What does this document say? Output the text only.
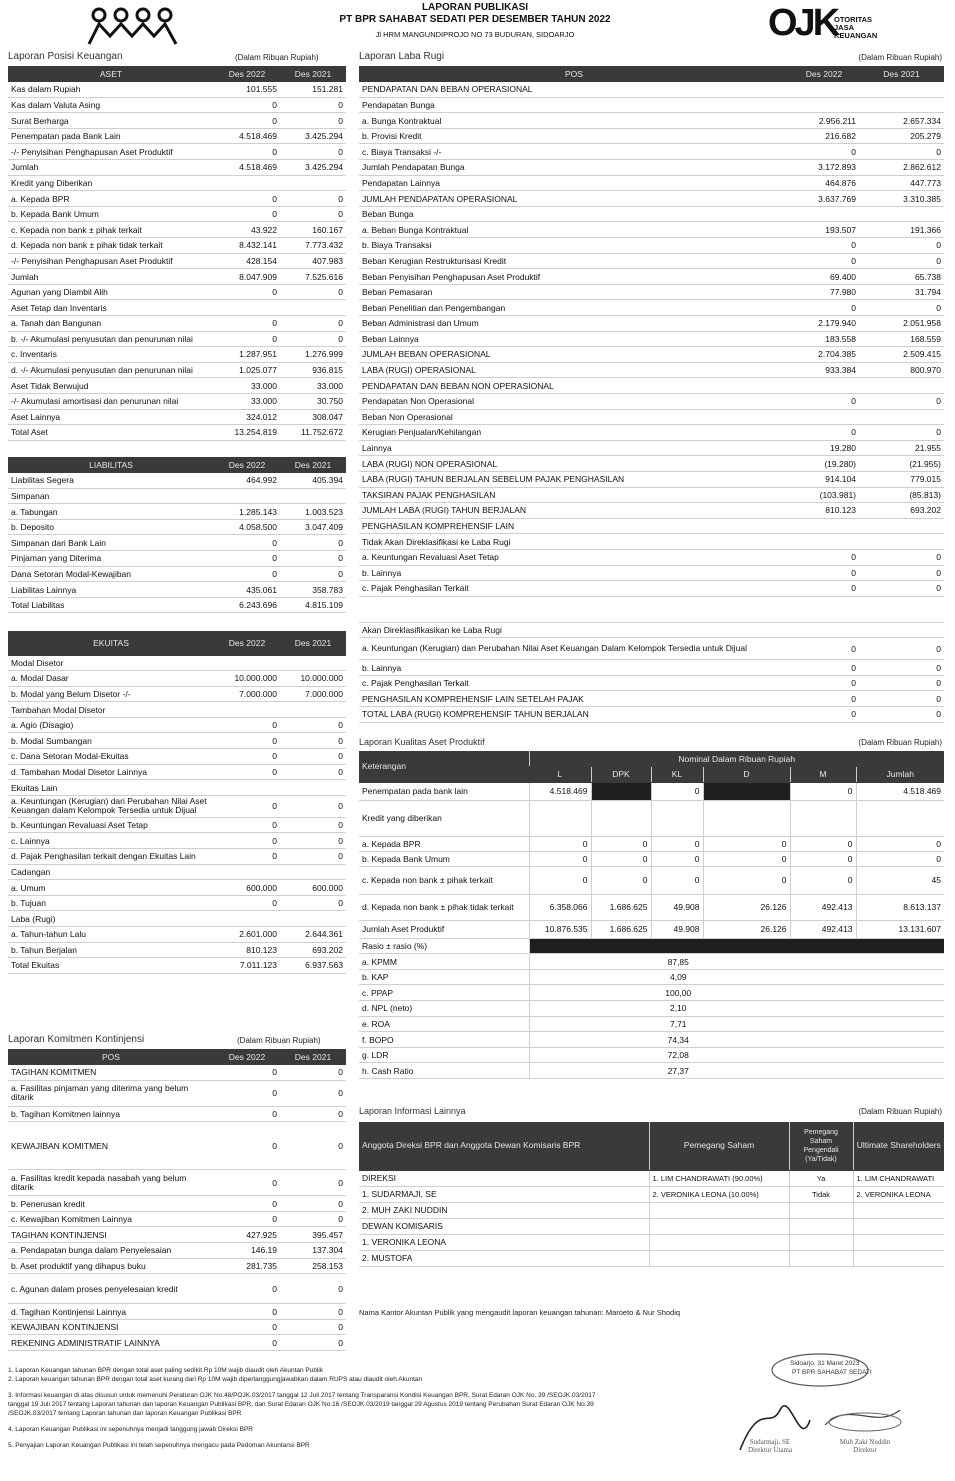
LAPORAN PUBLIKASI
PT BPR SAHABAT SEDATI PER DESEMBER TAHUN 2022
Jl HRM MANGUNDIPROJO NO 73 BUDURAN, SIDOARJO	OJK
OTORITAS
JASA
KEUANGAN
Laporan Posisi Keuangan	(Dalam Ribuan Rupiah)
ASET	Des 2022	Des 2021
Kas dalam Rupiah	101.555	151.281
Kas dalam Valuta Asing	0	0
Surat Berharga	0	0
Penempatan pada Bank Lain	4.518.469	3.425.294
-/- Penyisihan Penghapusan Aset Produktif	0	0
Jumlah	4.518.469	3.425.294
Kredit yang Diberikan		
a. Kepada BPR	0	0
b. Kepada Bank Umum	0	0
c. Kepada non bank ± pihak terkait	43.922	160.167
d. Kepada non bank ± pihak tidak terkait	8.432.141	7.773.432
-/- Penyisihan Penghapusan Aset Produktif	428.154	407.983
Jumlah	8.047.909	7.525.616
Agunan yang Diambil Alih	0	0
Aset Tetap dan Inventaris		
a. Tanah dan Bangunan	0	0
b. -/- Akumulasi penyusutan dan penurunan nilai	0	0
c. Inventaris	1.287.951	1.276.999
d. -/- Akumulasi penyusutan dan penurunan nilai	1.025.077	936.815
Aset Tidak Berwujud	33.000	33.000
-/- Akumulasi amortisasi dan penurunan nilai	33.000	30.750
Aset Lainnya	324.012	308.047
Total Aset	13.254.819	11.752.672
LIABILITAS	Des 2022	Des 2021
Liabilitas Segera	464.992	405.394
Simpanan		
a. Tabungan	1.285.143	1.003.523
b. Deposito	4.058.500	3.047.409
Simpanan dari Bank Lain	0	0
Pinjaman yang Diterima	0	0
Dana Setoran Modal-Kewajiban	0	0
Liabilitas Lainnya	435.061	358.783
Total Liabilitas	6.243.696	4.815.109
EKUITAS	Des 2022	Des 2021
Modal Disetor		
a. Modal Dasar	10.000.000	10.000.000
b. Modal yang Belum Disetor -/-	7.000.000	7.000.000
Tambahan Modal Disetor		
a. Agio (Disagio)	0	0
b. Modal Sumbangan	0	0
c. Dana Setoran Modal-Ekuitas	0	0
d. Tambahan Modal Disetor Lainnya	0	0
Ekuitas Lain		
a. Keuntungan (Kerugian) dari Perubahan Nilai Aset Keuangan dalam Kelompok Tersedia untuk Dijual	0	0
b. Keuntungan Revaluasi Aset Tetap	0	0
c. Lainnya	0	0
d. Pajak Penghasilan terkait dengan Ekuitas Lain	0	0
Cadangan		
a. Umum	600.000	600.000
b. Tujuan	0	0
Laba (Rugi)		
a. Tahun-tahun Lalu	2.601.000	2.644.361
b. Tahun Berjalan	810.123	693.202
Total Ekuitas	7.011.123	6.937.563
Laporan Komitmen Kontinjensi	(Dalam Ribuan Rupiah)
POS	Des 2022	Des 2021
TAGIHAN KOMITMEN	0	0
a. Fasilitas pinjaman yang diterima yang belum ditarik	0	0
b. Tagihan Komitmen lainnya	0	0
KEWAJIBAN KOMITMEN	0	0
a. Fasilitas kredit kepada nasabah yang belum ditarik	0	0
b. Penerusan kredit	0	0
c. Kewajiban Komitmen Lainnya	0	0
TAGIHAN KONTINJENSI	427.925	395.457
a. Pendapatan bunga dalam Penyelesaian	146.19	137.304
b. Aset produktif yang dihapus buku	281.735	258.153
c. Agunan dalam proses penyelesaian kredit	0	0
d. Tagihan Kontinjensi Lainnya	0	0
KEWAJIBAN KONTINJENSI	0	0
REKENING ADMINISTRATIF LAINNYA	0	0
Laporan Laba Rugi	(Dalam Ribuan Rupiah)
POS	Des 2022	Des 2021
PENDAPATAN DAN BEBAN OPERASIONAL		
Pendapatan Bunga		
a. Bunga Kontraktual	2.956.211	2.657.334
b. Provisi Kredit	216.682	205.279
c. Biaya Transaksi -/-	0	0
Jumlah Pendapatan Bunga	3.172.893	2.862.612
Pendapatan Lainnya	464.876	447.773
JUMLAH PENDAPATAN OPERASIONAL	3.637.769	3.310.385
Beban Bunga		
a. Beban Bunga Kontraktual	193.507	191.366
b. Biaya Transaksi	0	0
Beban Kerugian Restrukturisasi Kredit	0	0
Beban Penyisihan Penghapusan Aset Produktif	69.400	65.738
Beban Pemasaran	77.980	31.794
Beban Penelitian dan Pengembangan	0	0
Beban Administrasi dan Umum	2.179.940	2.051.958
Beban Lainnya	183.558	168.559
JUMLAH BEBAN OPERASIONAL	2.704.385	2.509.415
LABA (RUGI) OPERASIONAL	933.384	800.970
PENDAPATAN DAN BEBAN NON OPERASIONAL		
Pendapatan Non Operasional	0	0
Beban Non Operasional		
Kerugian Penjualan/Kehilangan	0	0
Lainnya	19.280	21.955
LABA (RUGI) NON OPERASIONAL	(19.280)	(21.955)
LABA (RUGI) TAHUN BERJALAN SEBELUM PAJAK PENGHASILAN	914.104	779.015
TAKSIRAN PAJAK PENGHASILAN	(103.981)	(85.813)
JUMLAH LABA (RUGI) TAHUN BERJALAN	810.123	693.202
PENGHASILAN KOMPREHENSIF LAIN		
Tidak Akan Direklasifikasi ke Laba Rugi		
a. Keuntungan Revaluasi Aset Tetap	0	0
b. Lainnya	0	0
c. Pajak Penghasilan Terkait	0	0

Akan Direklasifikasikan ke Laba Rugi		
a. Keuntungan (Kerugian) dan Perubahan Nilai Aset Keuangan Dalam Kelompok Tersedia untuk Dijual	0	0
b. Lainnya	0	0
c. Pajak Penghasilan Terkait	0	0
PENGHASILAN KOMPREHENSIF LAIN SETELAH PAJAK	0	0
TOTAL LABA (RUGI) KOMPREHENSIF TAHUN BERJALAN	0	0
Laporan Kualitas Aset Produktif	(Dalam Ribuan Rupiah)
Keterangan	Nominal Dalam Ribuan Rupiah					
	L	DPK	KL	D	M	Jumlah
Penempatan pada bank lain	4.518.469		0		0	4.518.469
Kredit yang diberikan						
a. Kepada BPR	0	0	0	0	0	0
b. Kepada Bank Umum	0	0	0	0	0	0
c. Kepada non bank ± pihak terkait	0	0	0	0	0	45
d. Kepada non bank ± pihak tidak terkait	6.358.066	1.686.625	49.908	26.126	492.413	8.613.137
Jumlah Aset Produktif	10.876.535	1.686.625	49.908	26.126	492.413	13.131.607
Rasio ± rasio (%)						
a. KPMM	87,85					
b. KAP	4,09					
c. PPAP	100,00					
d. NPL (neto)	2,10					
e. ROA	7,71					
f. BOPO	74,34					
g. LDR	72,08					
h. Cash Ratio	27,37					
Laporan Informasi Lainnya	(Dalam Ribuan Rupiah)
Anggota Direksi BPR dan Anggota Dewan Komisaris BPR	Pemegang Saham	Pemegang Saham Pengendali (Ya/Tidak)	Ultimate Shareholders
DIREKSI	1. LIM CHANDRAWATI (90.00%)	Ya	1. LIM CHANDRAWATI
1. SUDARMAJI, SE	2. VERONIKA LEONA (10.00%)	Tidak	2. VERONIKA LEONA
2. MUH ZAKI NUDDIN			
DEWAN KOMISARIS			
1. VERONIKA LEONA			
2. MUSTOFA			
Nama Kantor Akuntan Publik yang mengaudit laporan keuangan tahunan: Maroeto & Nur Shodiq
1. Laporan Keuangan tahunan BPR dengan total aset paling sedikit Rp 10M wajib diaudit oleh Akuntan Publik
2. Laporan keuangan tahunan BPR dengan total aset kurang dari Rp 10M wajib dipertanggungjawabkan dalam RUPS atau diaudit oleh Akuntan
3. Informasi keuangan di atas disusun untuk memenuhi Peraturan OJK No.48/POJK.03/2017 tanggal 12 Juli 2017 tentang Transparansi Kondisi Keuangan BPR, Surat Edaran OJK No. 39 /SEOJK.03/2017 tanggal 19 Juli 2017 tentang Laporan tahunan dan laporan Keuangan Publikasi BPR, dan Surat Edaran OJK No.16 /SEOJK.03/2019 tanggal 29 Agustus 2019 tentang Perubahan Surat Edaran OJK No.39 /SEOJK.03/2017 tentang Laporan tahunan dan laporan Keuangan Publikasi BPR
4. Laporan Keuangan Publikasi ini sepenuhnya menjadi tanggung jawab Direksi BPR
5. Penyajian Laporan Keuangan Publikasi ini telah sepenuhnya mengacu pada Pedoman Akuntansi BPR
Sidoarjo, 31 Maret 2023
PT BPR SAHABAT SEDATI
Sudarmaji, SE
Direktur Utama
Muh Zaki Nuddin
Direktur
